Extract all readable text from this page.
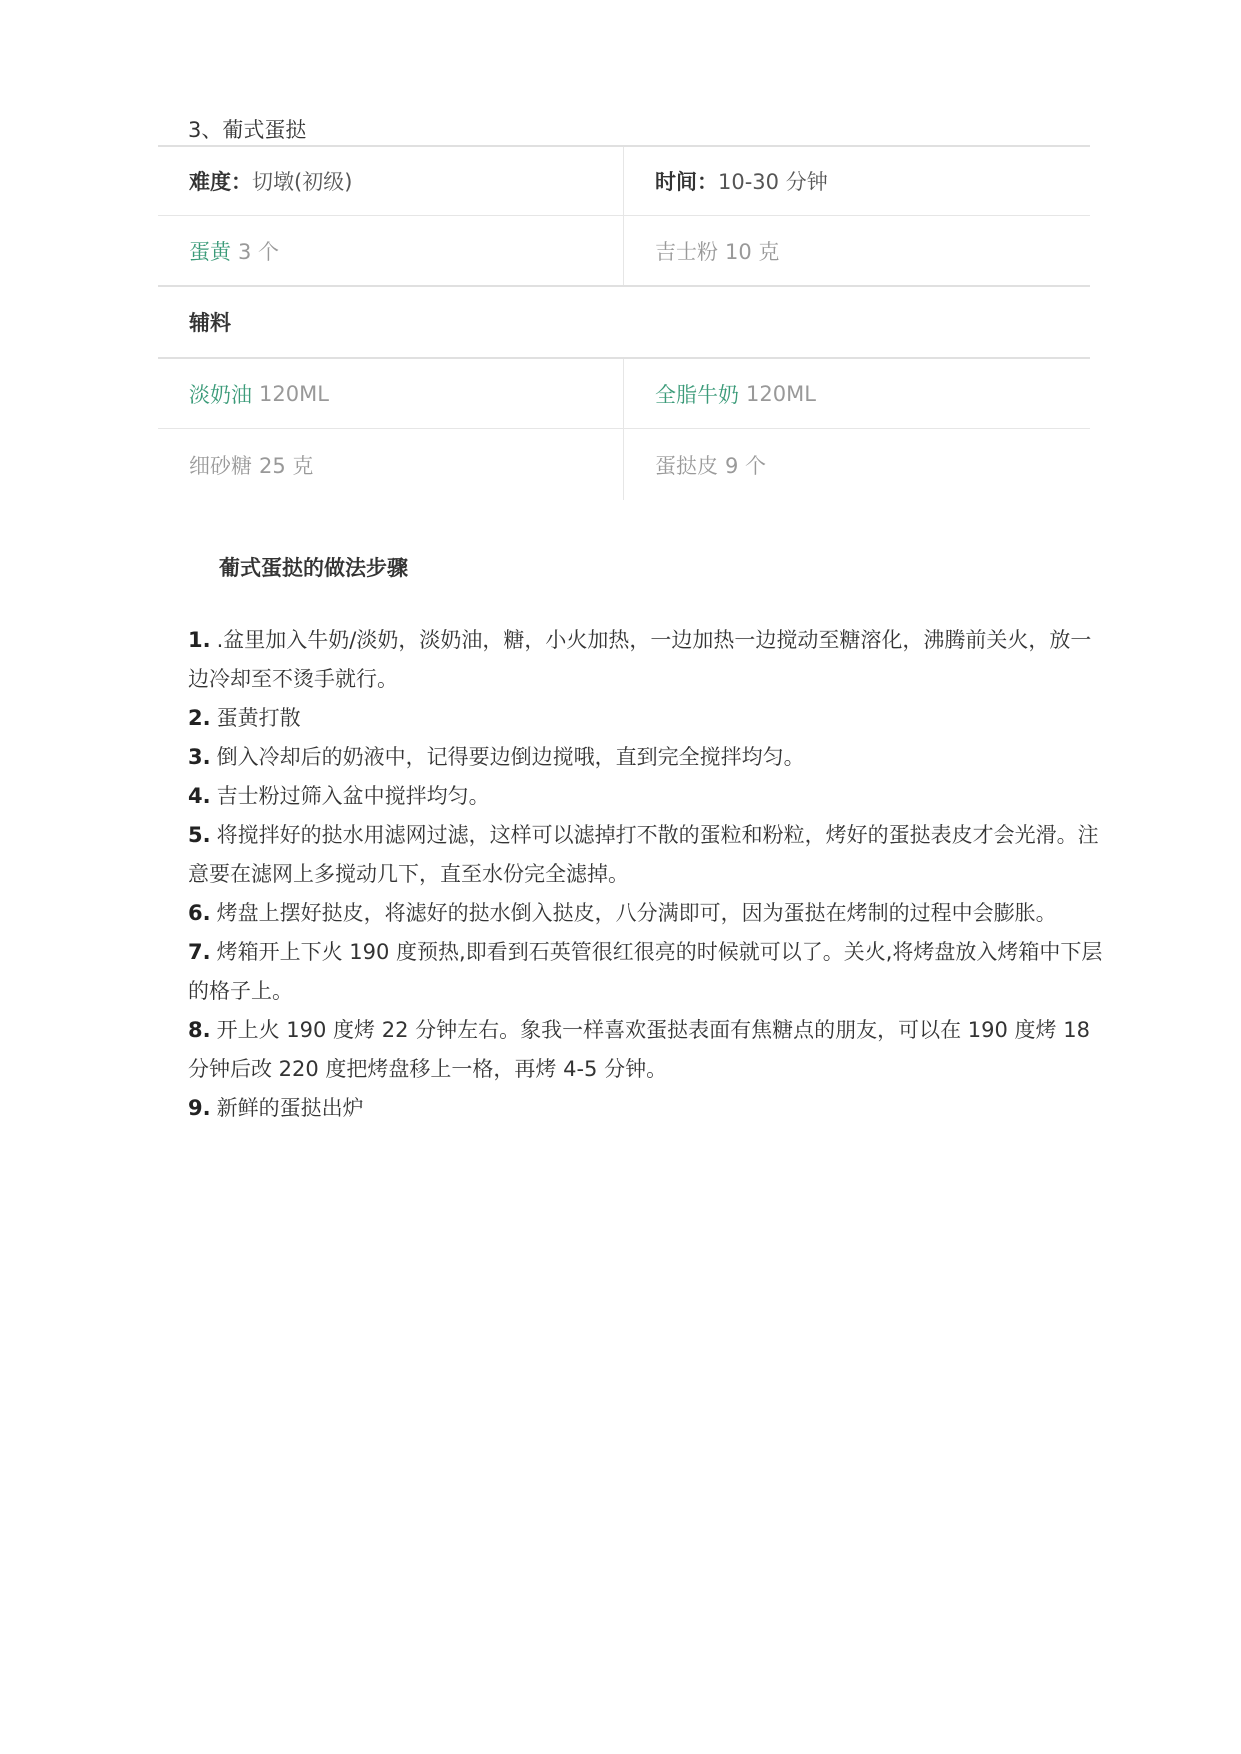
3、葡式蛋挞
难度： 切墩(初级)	时间： 10-30 分钟
蛋黄 3 个	吉士粉 10 克
辅料
淡奶油 120ML	全脂牛奶 120ML
细砂糖 25 克	蛋挞皮 9 个
葡式蛋挞的做法步骤
1. .盆里加入牛奶/淡奶，淡奶油，糖，小火加热，一边加热一边搅动至糖溶化，沸腾前关火，放一边冷却至不烫手就行。
2. 蛋黄打散
3. 倒入冷却后的奶液中，记得要边倒边搅哦，直到完全搅拌均匀。
4. 吉士粉过筛入盆中搅拌均匀。
5. 将搅拌好的挞水用滤网过滤，这样可以滤掉打不散的蛋粒和粉粒，烤好的蛋挞表皮才会光滑。注意要在滤网上多搅动几下，直至水份完全滤掉。
6. 烤盘上摆好挞皮，将滤好的挞水倒入挞皮，八分满即可，因为蛋挞在烤制的过程中会膨胀。
7. 烤箱开上下火 190 度预热,即看到石英管很红很亮的时候就可以了。关火,将烤盘放入烤箱中下层的格子上。
8. 开上火 190 度烤 22 分钟左右。象我一样喜欢蛋挞表面有焦糖点的朋友，可以在 190 度烤 18 分钟后改 220 度把烤盘移上一格，再烤 4-5 分钟。
9. 新鲜的蛋挞出炉
